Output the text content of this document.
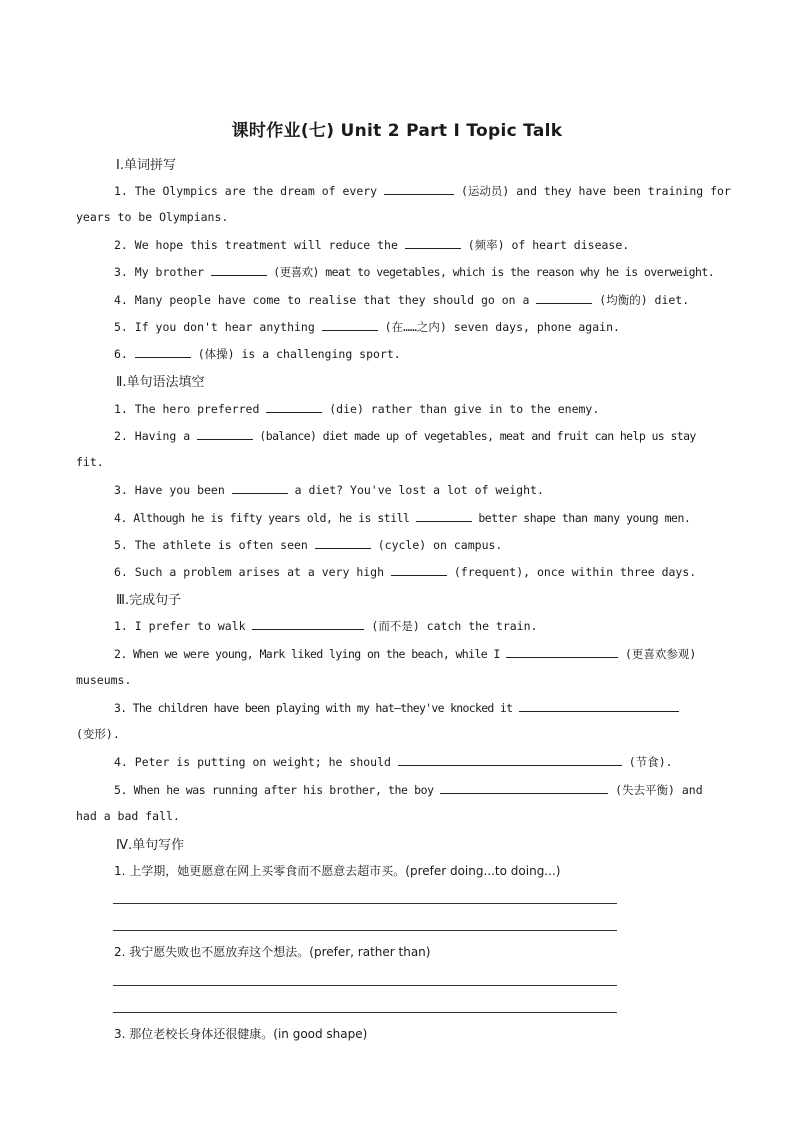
课时作业(七) Unit 2 Part Ⅰ Topic Talk
Ⅰ.单词拼写
1. The Olympics are the dream of every	(运动员) and they have been training for
years to be Olympians.
2. We hope this treatment will reduce the	(频率) of heart disease.
3. My brother	(更喜欢) meat to vegetables, which is the reason why he is overweight.
4. Many people have come to realise that they should go on a	(均衡的) diet.
5. If you don't hear anything	(在……之内) seven days, phone again.
6.	(体操) is a challenging sport.
Ⅱ.单句语法填空
1. The hero preferred	(die) rather than give in to the enemy.
2. Having a	(balance) diet made up of vegetables, meat and fruit can help us stay
fit.
3. Have you been	a diet? You've lost a lot of weight.
4. Although he is fifty years old, he is still	better shape than many young men.
5. The athlete is often seen	(cycle) on campus.
6. Such a problem arises at a very high	(frequent), once within three days.
Ⅲ.完成句子
1. I prefer to walk	(而不是) catch the train.
2. When we were young, Mark liked lying on the beach, while I	(更喜欢参观)
museums.
3. The children have been playing with my hat—they've knocked it
(变形).
4. Peter is putting on weight; he should	(节食).
5. When he was running after his brother, the boy	(失去平衡) and
had a bad fall.
Ⅳ.单句写作
1. 上学期，她更愿意在网上买零食而不愿意去超市买。(prefer doing...to doing...)
2. 我宁愿失败也不愿放弃这个想法。(prefer, rather than)
3. 那位老校长身体还很健康。(in good shape)
